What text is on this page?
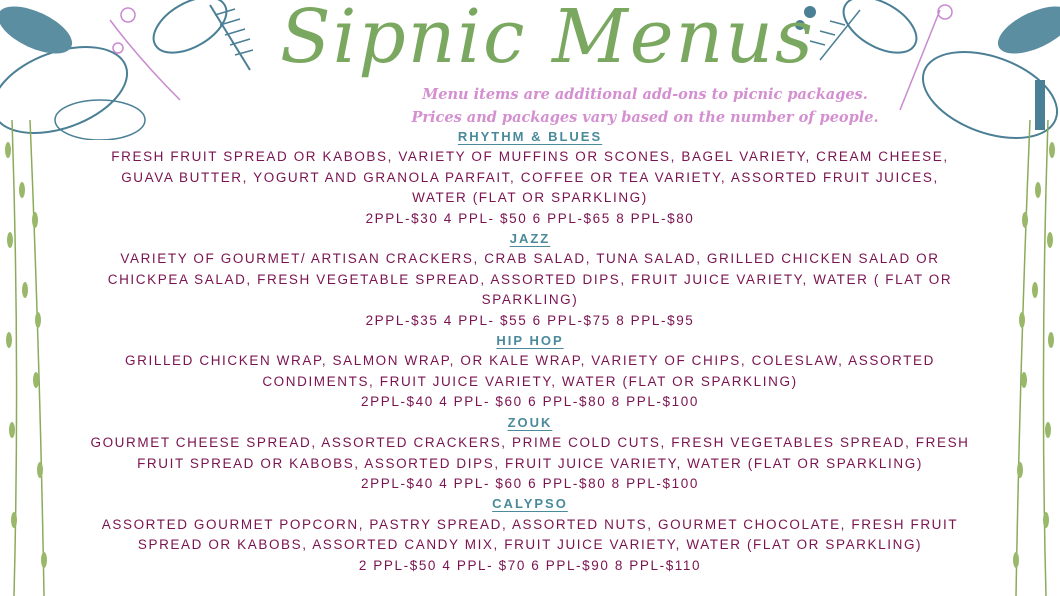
Sipnic Menus
Menu items are additional add-ons to picnic packages.
Prices and packages vary based on the number of people.
RHYTHM & BLUES
FRESH FRUIT SPREAD OR KABOBS, VARIETY OF MUFFINS OR SCONES, BAGEL VARIETY, CREAM CHEESE,
GUAVA BUTTER, YOGURT AND GRANOLA PARFAIT, COFFEE OR TEA VARIETY, ASSORTED FRUIT JUICES,
WATER (FLAT OR SPARKLING)
2PPL-$30 4 PPL- $50 6 PPL-$65 8 PPL-$80
JAZZ
VARIETY OF GOURMET/ ARTISAN CRACKERS, CRAB SALAD, TUNA SALAD, GRILLED CHICKEN SALAD OR
CHICKPEA SALAD, FRESH VEGETABLE SPREAD, ASSORTED DIPS, FRUIT JUICE VARIETY, WATER ( FLAT OR
SPARKLING)
2PPL-$35 4 PPL- $55 6 PPL-$75 8 PPL-$95
HIP HOP
GRILLED CHICKEN WRAP, SALMON WRAP, OR KALE WRAP, VARIETY OF CHIPS, COLESLAW, ASSORTED
CONDIMENTS, FRUIT JUICE VARIETY, WATER (FLAT OR SPARKLING)
2PPL-$40 4 PPL- $60 6 PPL-$80 8 PPL-$100
ZOUK
GOURMET CHEESE SPREAD, ASSORTED CRACKERS, PRIME COLD CUTS, FRESH VEGETABLES SPREAD, FRESH
FRUIT SPREAD OR KABOBS, ASSORTED DIPS, FRUIT JUICE VARIETY, WATER (FLAT OR SPARKLING)
2PPL-$40 4 PPL- $60 6 PPL-$80 8 PPL-$100
CALYPSO
ASSORTED GOURMET POPCORN, PASTRY SPREAD, ASSORTED NUTS, GOURMET CHOCOLATE, FRESH FRUIT
SPREAD OR KABOBS, ASSORTED CANDY MIX, FRUIT JUICE VARIETY, WATER (FLAT OR SPARKLING)
2 PPL-$50 4 PPL- $70 6 PPL-$90 8 PPL-$110
